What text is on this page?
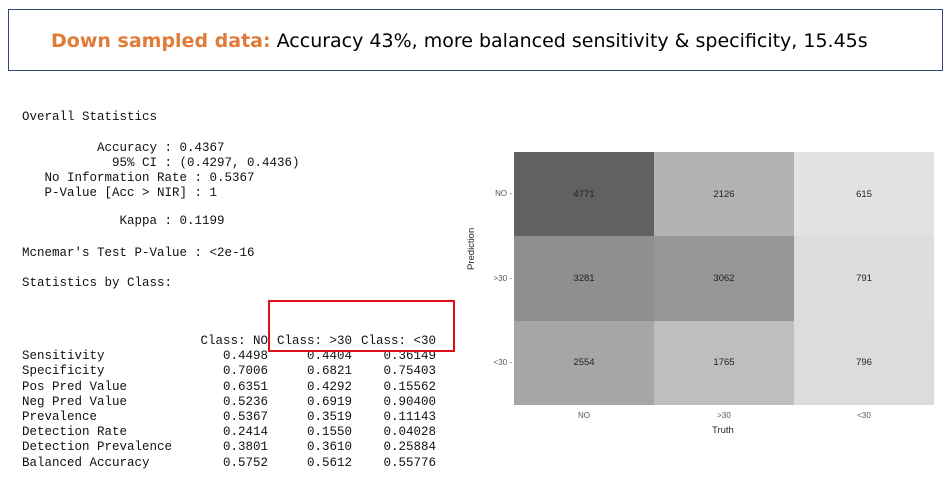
Down sampled data: Accuracy 43%, more balanced sensitivity & specificity, 15.45s
Overall Statistics
Accuracy : 0.4367
95% CI : (0.4297, 0.4436)
No Information Rate : 0.5367
P-Value [Acc > NIR] : 1
Kappa : 0.1199
Mcnemar's Test P-Value : <2e-16
Statistics by Class:

	Class: NO	Class: >30	Class: <30
Sensitivity	0.4498	0.4404	0.36149
Specificity	0.7006	0.6821	0.75403
Pos Pred Value	0.6351	0.4292	0.15562
Neg Pred Value	0.5236	0.6919	0.90400
Prevalence	0.5367	0.3519	0.11143
Detection Rate	0.2414	0.1550	0.04028
Detection Prevalence	0.3801	0.3610	0.25884
Balanced Accuracy	0.5752	0.5612	0.55776

4771	2126	615
3281	3062	791
2554	1765	796
Prediction
Truth
NO -
>30 -
<30 -
NO	>30	<30
